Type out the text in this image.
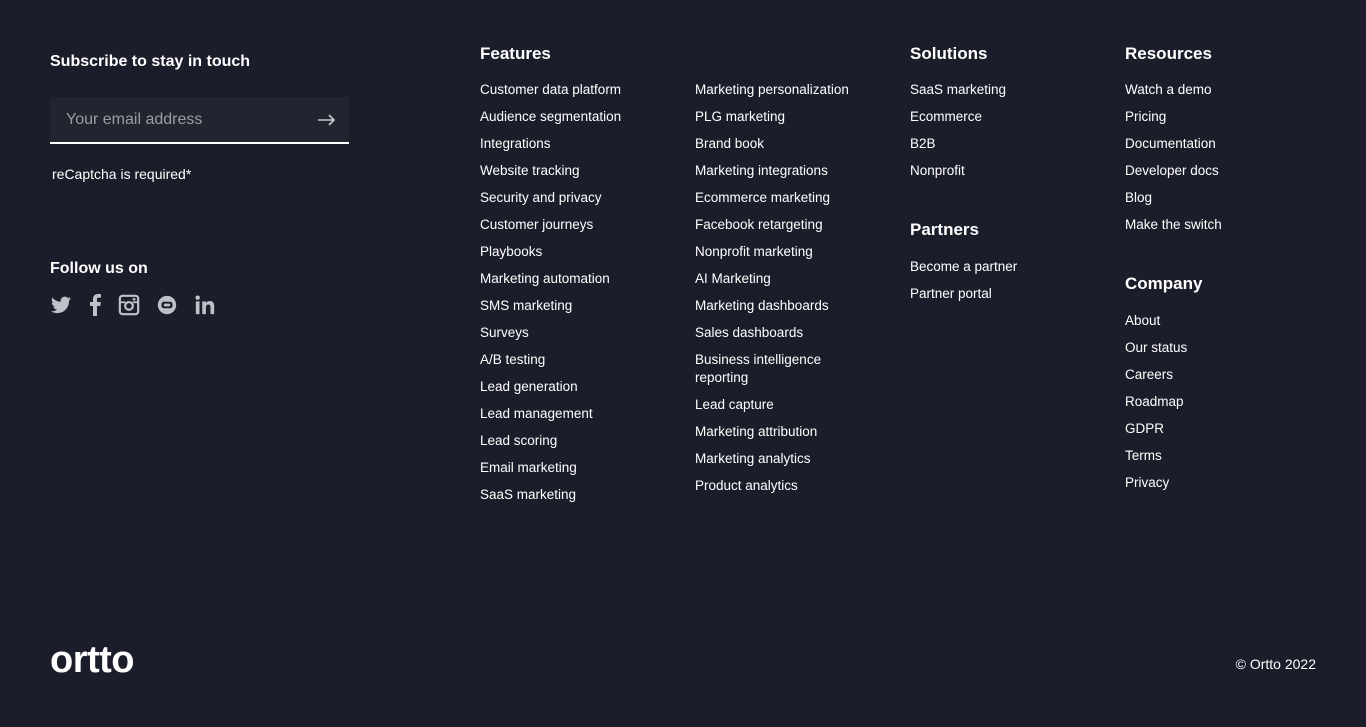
Subscribe to stay in touch
Your email address
reCaptcha is required*
Follow us on
Features
Customer data platform
Audience segmentation
Integrations
Website tracking
Security and privacy
Customer journeys
Playbooks
Marketing automation
SMS marketing
Surveys
A/B testing
Lead generation
Lead management
Lead scoring
Email marketing
SaaS marketing
Marketing personalization
PLG marketing
Brand book
Marketing integrations
Ecommerce marketing
Facebook retargeting
Nonprofit marketing
AI Marketing
Marketing dashboards
Sales dashboards
Business intelligence reporting
Lead capture
Marketing attribution
Marketing analytics
Product analytics
Solutions
SaaS marketing
Ecommerce
B2B
Nonprofit
Partners
Become a partner
Partner portal
Resources
Watch a demo
Pricing
Documentation
Developer docs
Blog
Make the switch
Company
About
Our status
Careers
Roadmap
GDPR
Terms
Privacy
ortto	© Ortto 2022
